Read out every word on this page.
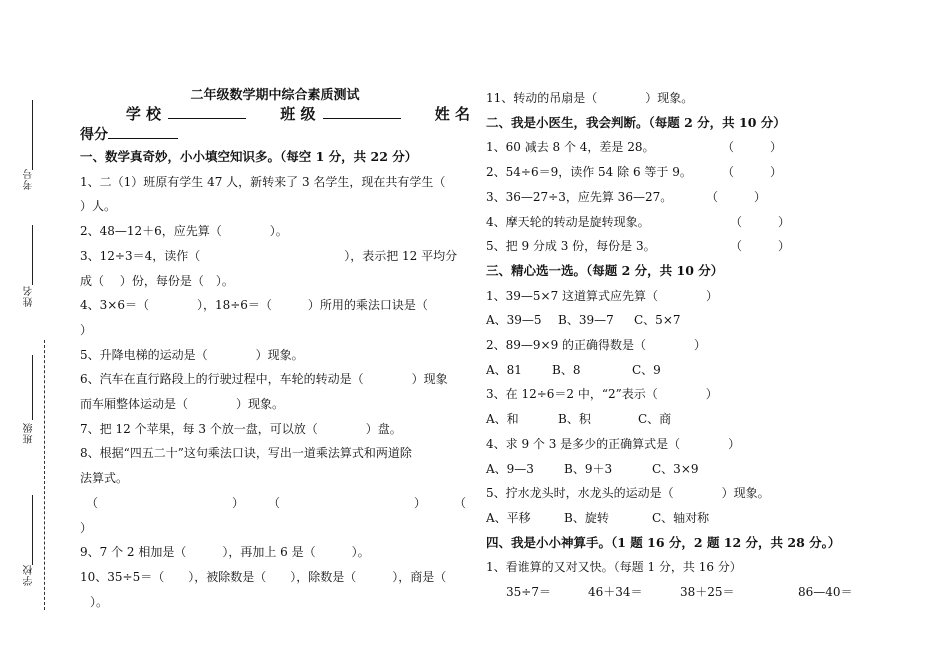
考号
姓名
班级
学校
二年级数学期中综合素质测试
学 校	班 级	姓 名
得分
一、数学真奇妙，小小填空知识多。（每空 1 分，共 22 分）
1、二（1）班原有学生 47 人，新转来了 3 名学生，现在共有学生（
）人。
2、48—12＋6，应先算（　　　　）。
3、12÷3＝4，读作（　　　　　　　　　　　　），表示把 12 平均分
成（　 ）份，每份是（　）。
4、3×6＝（　　　　），18÷6＝（　　　）所用的乘法口诀是（
）
5、升降电梯的运动是（　　　　）现象。
6、汽车在直行路段上的行驶过程中，车轮的转动是（　　　　）现象
而车厢整体运动是（　　　　）现象。
7、把 12 个苹果，每 3 个放一盘，可以放（　　　　）盘。
8、根据“四五二十”这句乘法口诀，写出一道乘法算式和两道除
法算式。
（	） （	） （

）
9、7 个 2 相加是（　　　），再加上 6 是（　　　）。
10、35÷5＝（　　），被除数是（　　），除数是（　　　），商是（
）。
11、转动的吊扇是（　　　　）现象。
二、我是小医生，我会判断。（每题 2 分，共 10 分）
1、60 减去 8 个 4，差是 28。	（　　　）
2、54÷6＝9，读作 54 除 6 等于 9。	（　　　）
3、36—27÷3，应先算 36—27。	（　　　）
4、摩天轮的转动是旋转现象。	（　　　）
5、把 9 分成 3 份，每份是 3。	（　　　）
三、精心选一选。（每题 2 分，共 10 分）
1、39—5×7 这道算式应先算（　　　　）
A、39—5 B、39—7 C、5×7
2、89—9×9 的正确得数是（　　　　）
A、81	B、8	C、9
3、在 12÷6＝2 中，“2”表示（　　　　）
A、和	B、积	C、商
4、求 9 个 3 是多少的正确算式是（　　　　）
A、9—3	B、9＋3	C、3×9
5、拧水龙头时，水龙头的运动是（　　　　）现象。
A、平移	B、旋转	C、轴对称
四、我是小小神算手。（1 题 16 分，2 题 12 分，共 28 分。）
1、看谁算的又对又快。（每题 1 分，共 16 分）
35÷7＝	46＋34＝	38＋25＝	86—40＝
